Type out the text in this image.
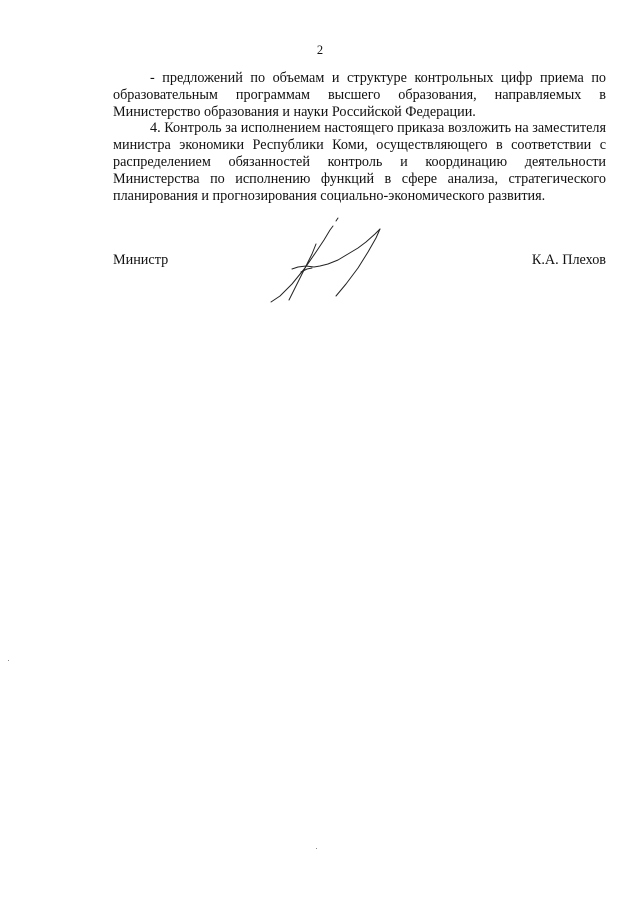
2

- предложений по объемам и структуре контрольных цифр приема по образовательным программам высшего образования, направляемых в Министерство образования и науки Российской Федерации.

4. Контроль за исполнением настоящего приказа возложить на заместителя министра экономики Республики Коми, осуществляющего в соответствии с распределением обязанностей контроль и координацию деятельности Министерства по исполнению функций в сфере анализа, стратегического планирования и прогнозирования социально-экономического развития.

Министр	К.А. Плехов
